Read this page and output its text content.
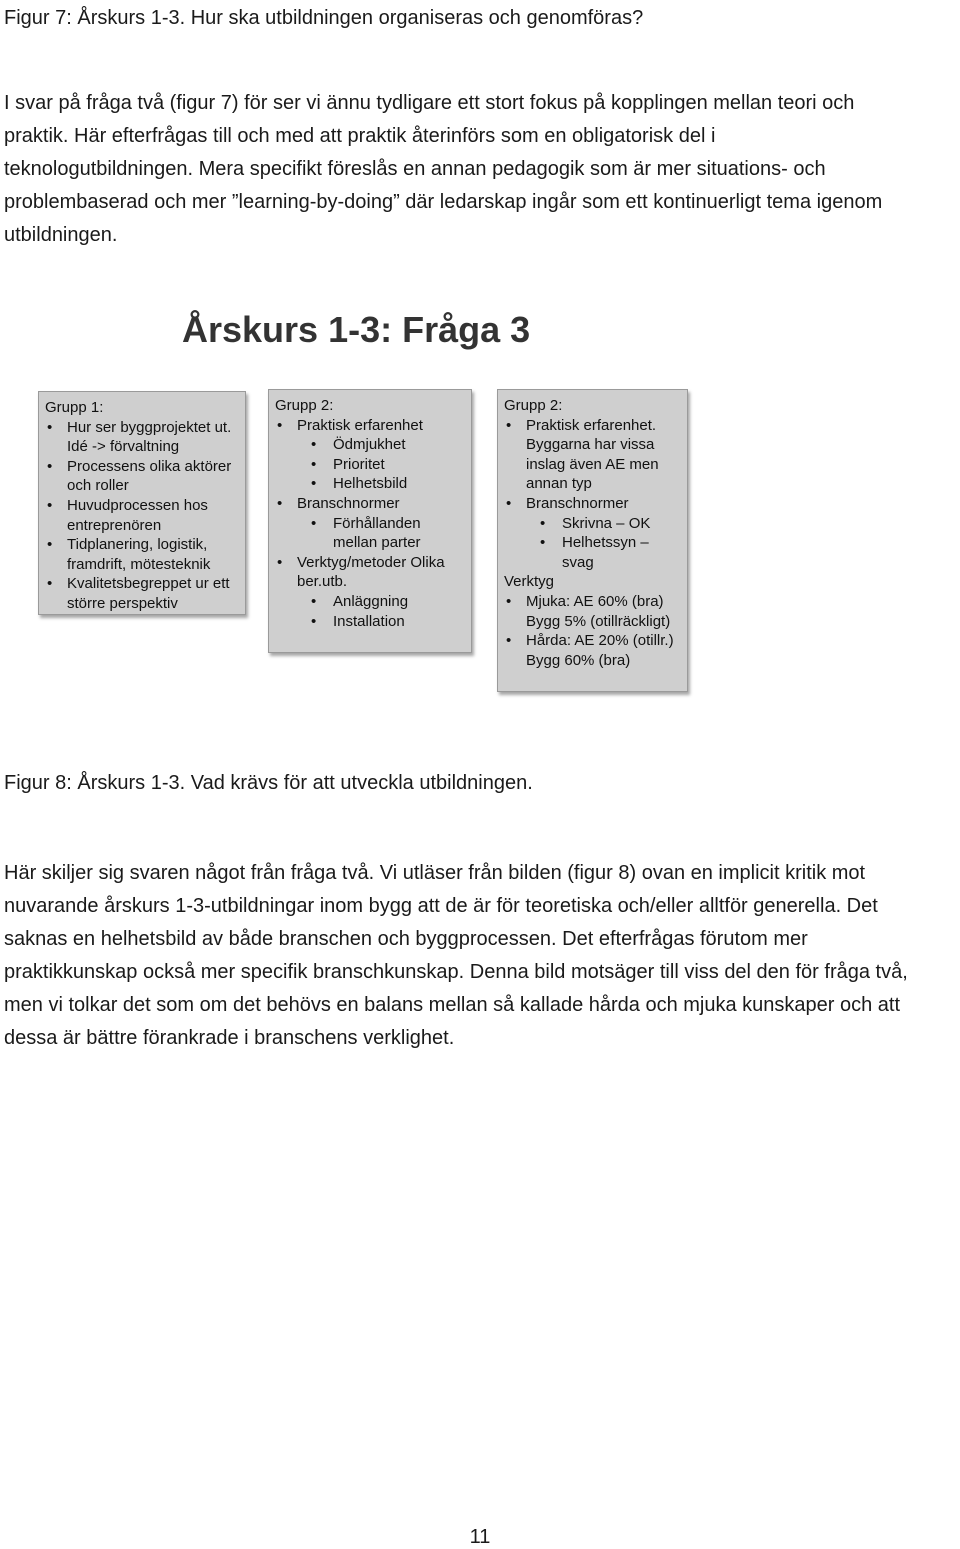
Figur 7: Årskurs 1-3. Hur ska utbildningen organiseras och genomföras?

I svar på fråga två (figur 7) för ser vi ännu tydligare ett stort fokus på kopplingen mellan teori och

praktik. Här efterfrågas till och med att praktik återinförs som en obligatorisk del i

teknologutbildningen. Mera specifikt föreslås en annan pedagogik som är mer situations- och

problembaserad och mer ”learning-by-doing” där ledarskap ingår som ett kontinuerligt tema igenom

utbildningen.

Årskurs 1-3: Fråga 3
Grupp 1:
• Hur ser byggprojektet ut. Idé -> förvaltning
• Processens olika aktörer och roller
• Huvudprocessen hos entreprenören
• Tidplanering, logistik, framdrift, mötesteknik
• Kvalitetsbegreppet ur ett större perspektiv
Grupp 2:
• Praktisk erfarenhet
• Ödmjukhet
• Prioritet
• Helhetsbild
• Branschnormer
• Förhållanden mellan parter
• Verktyg/metoder Olika ber.utb.
• Anläggning
• Installation
Grupp 2:
• Praktisk erfarenhet. Byggarna har vissa inslag även AE men annan typ
• Branschnormer
• Skrivna – OK
• Helhetssyn – svag
Verktyg
• Mjuka: AE 60% (bra) Bygg 5% (otillräckligt)
• Hårda: AE 20% (otillr.) Bygg 60% (bra)
Figur 8: Årskurs 1-3. Vad krävs för att utveckla utbildningen.

Här skiljer sig svaren något från fråga två. Vi utläser från bilden (figur 8) ovan en implicit kritik mot

nuvarande årskurs 1-3-utbildningar inom bygg att de är för teoretiska och/eller alltför generella. Det

saknas en helhetsbild av både branschen och byggprocessen. Det efterfrågas förutom mer

praktikkunskap också mer specifik branschkunskap. Denna bild motsäger till viss del den för fråga två,

men vi tolkar det som om det behövs en balans mellan så kallade hårda och mjuka kunskaper och att

dessa är bättre förankrade i branschens verklighet.

11
